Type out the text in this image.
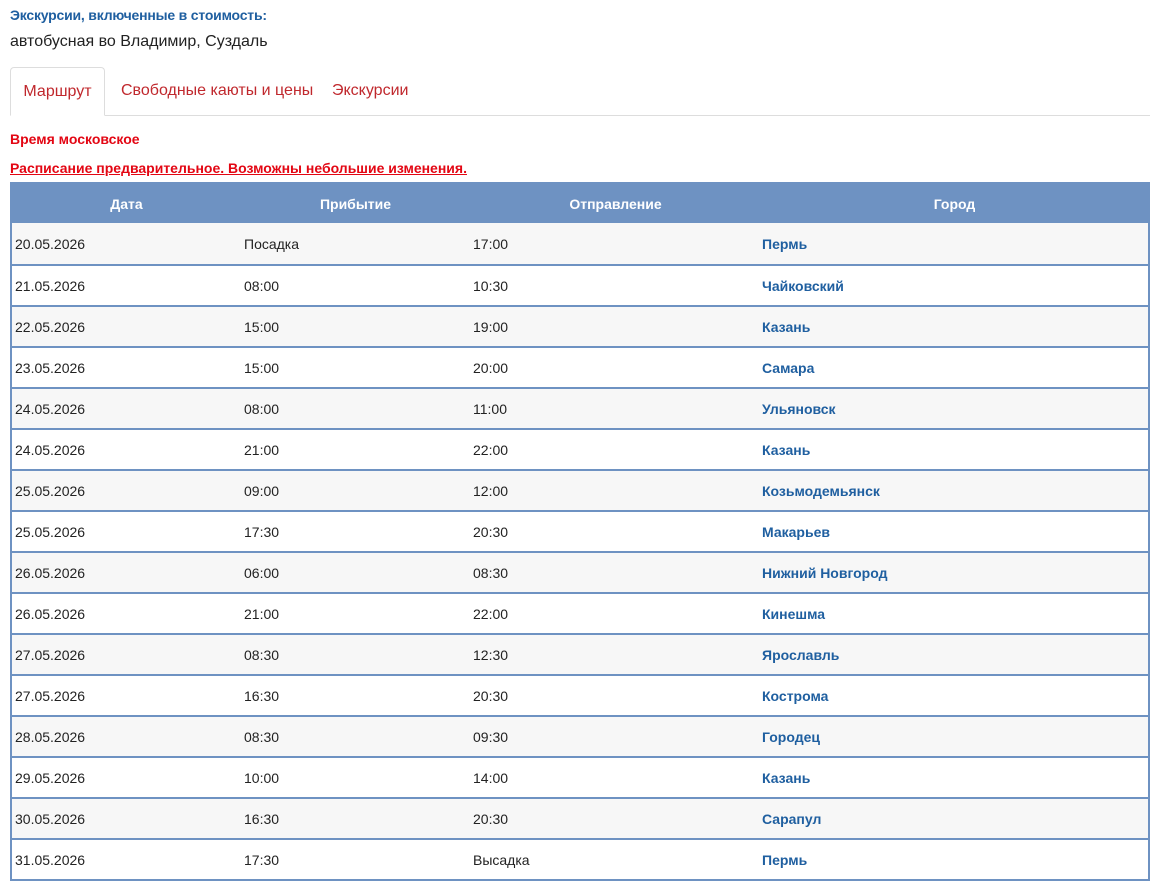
Экскурсии, включенные в стоимость:
автобусная во Владимир, Суздаль
Маршрут	Свободные каюты и цены Экскурсии
Время московское
Расписание предварительное. Возможны небольшие изменения.
Дата	Прибытие	Отправление	Город
20.05.2026	Посадка	17:00	Пермь
21.05.2026	08:00	10:30	Чайковский
22.05.2026	15:00	19:00	Казань
23.05.2026	15:00	20:00	Самара
24.05.2026	08:00	11:00	Ульяновск
24.05.2026	21:00	22:00	Казань
25.05.2026	09:00	12:00	Козьмодемьянск
25.05.2026	17:30	20:30	Макарьев
26.05.2026	06:00	08:30	Нижний Новгород
26.05.2026	21:00	22:00	Кинешма
27.05.2026	08:30	12:30	Ярославль
27.05.2026	16:30	20:30	Кострома
28.05.2026	08:30	09:30	Городец
29.05.2026	10:00	14:00	Казань
30.05.2026	16:30	20:30	Сарапул
31.05.2026	17:30	Высадка	Пермь
